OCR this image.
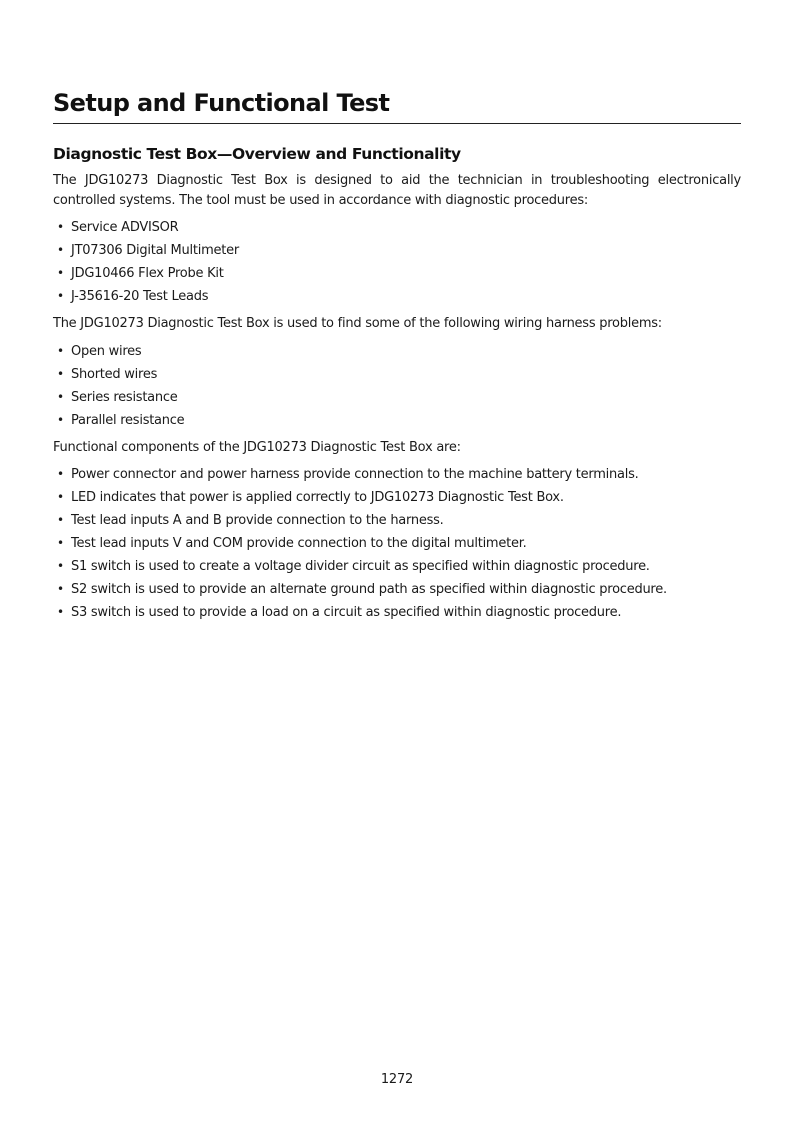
Setup and Functional Test
Diagnostic Test Box—Overview and Functionality

The JDG10273 Diagnostic Test Box is designed to aid the technician in troubleshooting electronically controlled systems. The tool must be used in accordance with diagnostic procedures:

• Service ADVISOR
• JT07306 Digital Multimeter
• JDG10466 Flex Probe Kit
• J-35616-20 Test Leads

The JDG10273 Diagnostic Test Box is used to find some of the following wiring harness problems:

• Open wires
• Shorted wires
• Series resistance
• Parallel resistance

Functional components of the JDG10273 Diagnostic Test Box are:

• Power connector and power harness provide connection to the machine battery terminals.
• LED indicates that power is applied correctly to JDG10273 Diagnostic Test Box.
• Test lead inputs A and B provide connection to the harness.
• Test lead inputs V and COM provide connection to the digital multimeter.
• S1 switch is used to create a voltage divider circuit as specified within diagnostic procedure.
• S2 switch is used to provide an alternate ground path as specified within diagnostic procedure.
• S3 switch is used to provide a load on a circuit as specified within diagnostic procedure.
1272
